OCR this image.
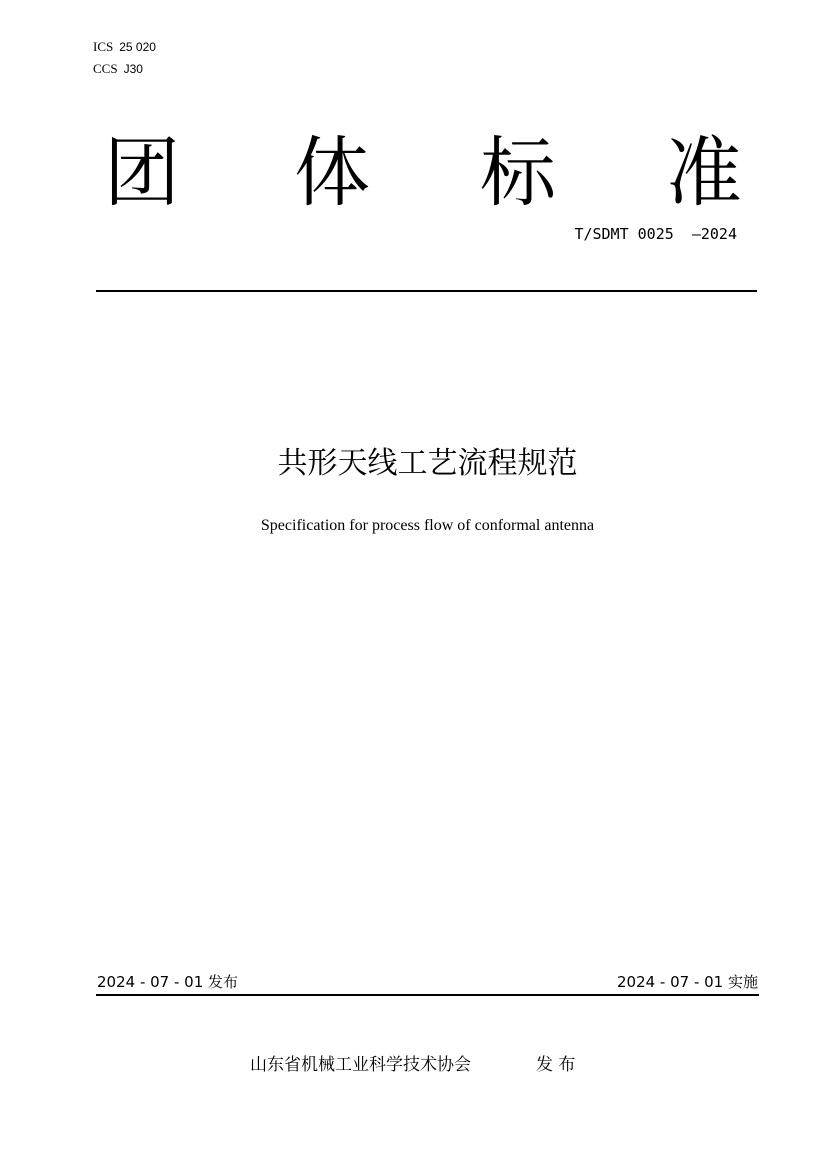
ICS 25 020
CCS J30
团 体 标 准
T/SDMT 0025  —2024
共形天线工艺流程规范
Specification for process flow of conformal antenna
2024 - 07 - 01 发布	2024 - 07 - 01 实施
山东省机械工业科学技术协会	发 布
